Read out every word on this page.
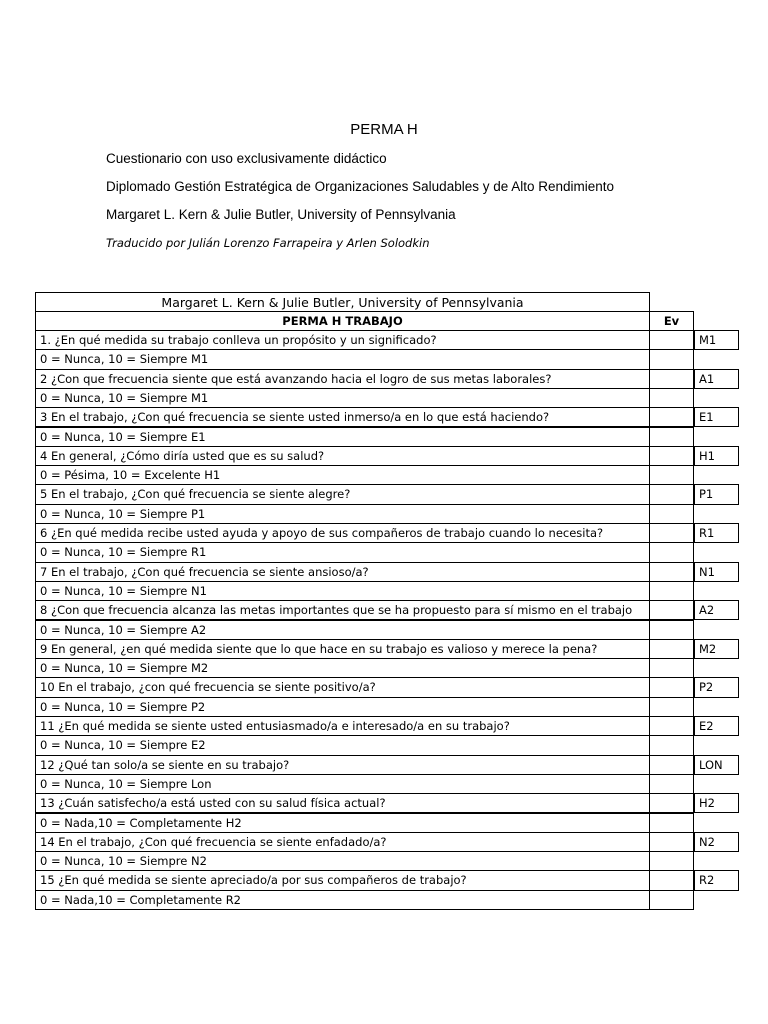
PERMA H
Cuestionario con uso exclusivamente didáctico
Diplomado Gestión Estratégica de Organizaciones Saludables y de Alto Rendimiento
Margaret L. Kern & Julie Butler, University of Pennsylvania
Traducido por Julián Lorenzo Farrapeira y Arlen Solodkin
Margaret L. Kern & Julie Butler, University of Pennsylvania
PERMA H TRABAJO	Ev
1. ¿En qué medida su trabajo conlleva un propósito y un significado?	M1
0 = Nunca, 10 = Siempre M1
2 ¿Con que frecuencia siente que está avanzando hacia el logro de sus metas laborales?	A1
0 = Nunca, 10 = Siempre M1
3 En el trabajo, ¿Con qué frecuencia se siente usted inmerso/a en lo que está haciendo?	E1
0 = Nunca, 10 = Siempre E1
4 En general, ¿Cómo diría usted que es su salud?	H1
0 = Pésima, 10 = Excelente H1
5 En el trabajo, ¿Con qué frecuencia se siente alegre?	P1
0 = Nunca, 10 = Siempre P1
6 ¿En qué medida recibe usted ayuda y apoyo de sus compañeros de trabajo cuando lo necesita?	R1
0 = Nunca, 10 = Siempre R1
7 En el trabajo, ¿Con qué frecuencia se siente ansioso/a?	N1
0 = Nunca, 10 = Siempre N1
8 ¿Con que frecuencia alcanza las metas importantes que se ha propuesto para sí mismo en el trabajo	A2
0 = Nunca, 10 = Siempre A2
9 En general, ¿en qué medida siente que lo que hace en su trabajo es valioso y merece la pena?	M2
0 = Nunca, 10 = Siempre M2
10 En el trabajo, ¿con qué frecuencia se siente positivo/a?	P2
0 = Nunca, 10 = Siempre P2
11 ¿En qué medida se siente usted entusiasmado/a e interesado/a en su trabajo?	E2
0 = Nunca, 10 = Siempre E2
12 ¿Qué tan solo/a se siente en su trabajo?	LON
0 = Nunca, 10 = Siempre Lon
13 ¿Cuán satisfecho/a está usted con su salud física actual?	H2
0 = Nada,10 = Completamente H2
14 En el trabajo, ¿Con qué frecuencia se siente enfadado/a?	N2
0 = Nunca, 10 = Siempre N2
15 ¿En qué medida se siente apreciado/a por sus compañeros de trabajo?	R2
0 = Nada,10 = Completamente R2
